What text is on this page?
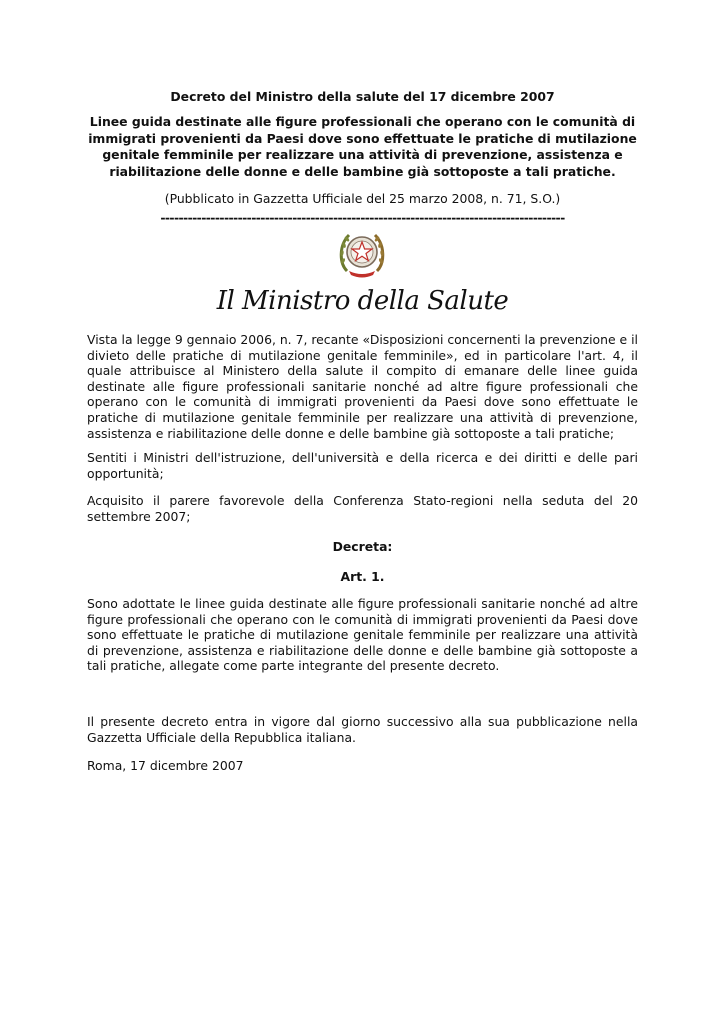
Decreto del Ministro della salute del 17 dicembre 2007
Linee guida destinate alle figure professionali che operano con le comunità di immigrati provenienti da Paesi dove sono effettuate le pratiche di mutilazione genitale femminile per realizzare una attività di prevenzione, assistenza e riabilitazione delle donne e delle bambine già sottoposte a tali pratiche.
(Pubblicato in Gazzetta Ufficiale del 25 marzo 2008, n. 71, S.O.)
-----------------------------------------------------------------------------------------
Il Ministro della Salute
Vista la legge 9 gennaio 2006, n. 7, recante «Disposizioni concernenti la prevenzione e il divieto delle pratiche di mutilazione genitale femminile», ed in particolare l'art. 4, il quale attribuisce al Ministero della salute il compito di emanare delle linee guida destinate alle figure professionali sanitarie nonché ad altre figure professionali che operano con le comunità di immigrati provenienti da Paesi dove sono effettuate le pratiche di mutilazione genitale femminile per realizzare una attività di prevenzione, assistenza e riabilitazione delle donne e delle bambine già sottoposte a tali pratiche;
Sentiti i Ministri dell'istruzione, dell'università e della ricerca e dei diritti e delle pari opportunità;
Acquisito il parere favorevole della Conferenza Stato-regioni nella seduta del 20 settembre 2007;
Decreta:
Art. 1.
Sono adottate le linee guida destinate alle figure professionali sanitarie nonché ad altre figure professionali che operano con le comunità di immigrati provenienti da Paesi dove sono effettuate le pratiche di mutilazione genitale femminile per realizzare una attività di prevenzione, assistenza e riabilitazione delle donne e delle bambine già sottoposte a tali pratiche, allegate come parte integrante del presente decreto.
Il presente decreto entra in vigore dal giorno successivo alla sua pubblicazione nella Gazzetta Ufficiale della Repubblica italiana.
Roma, 17 dicembre 2007
